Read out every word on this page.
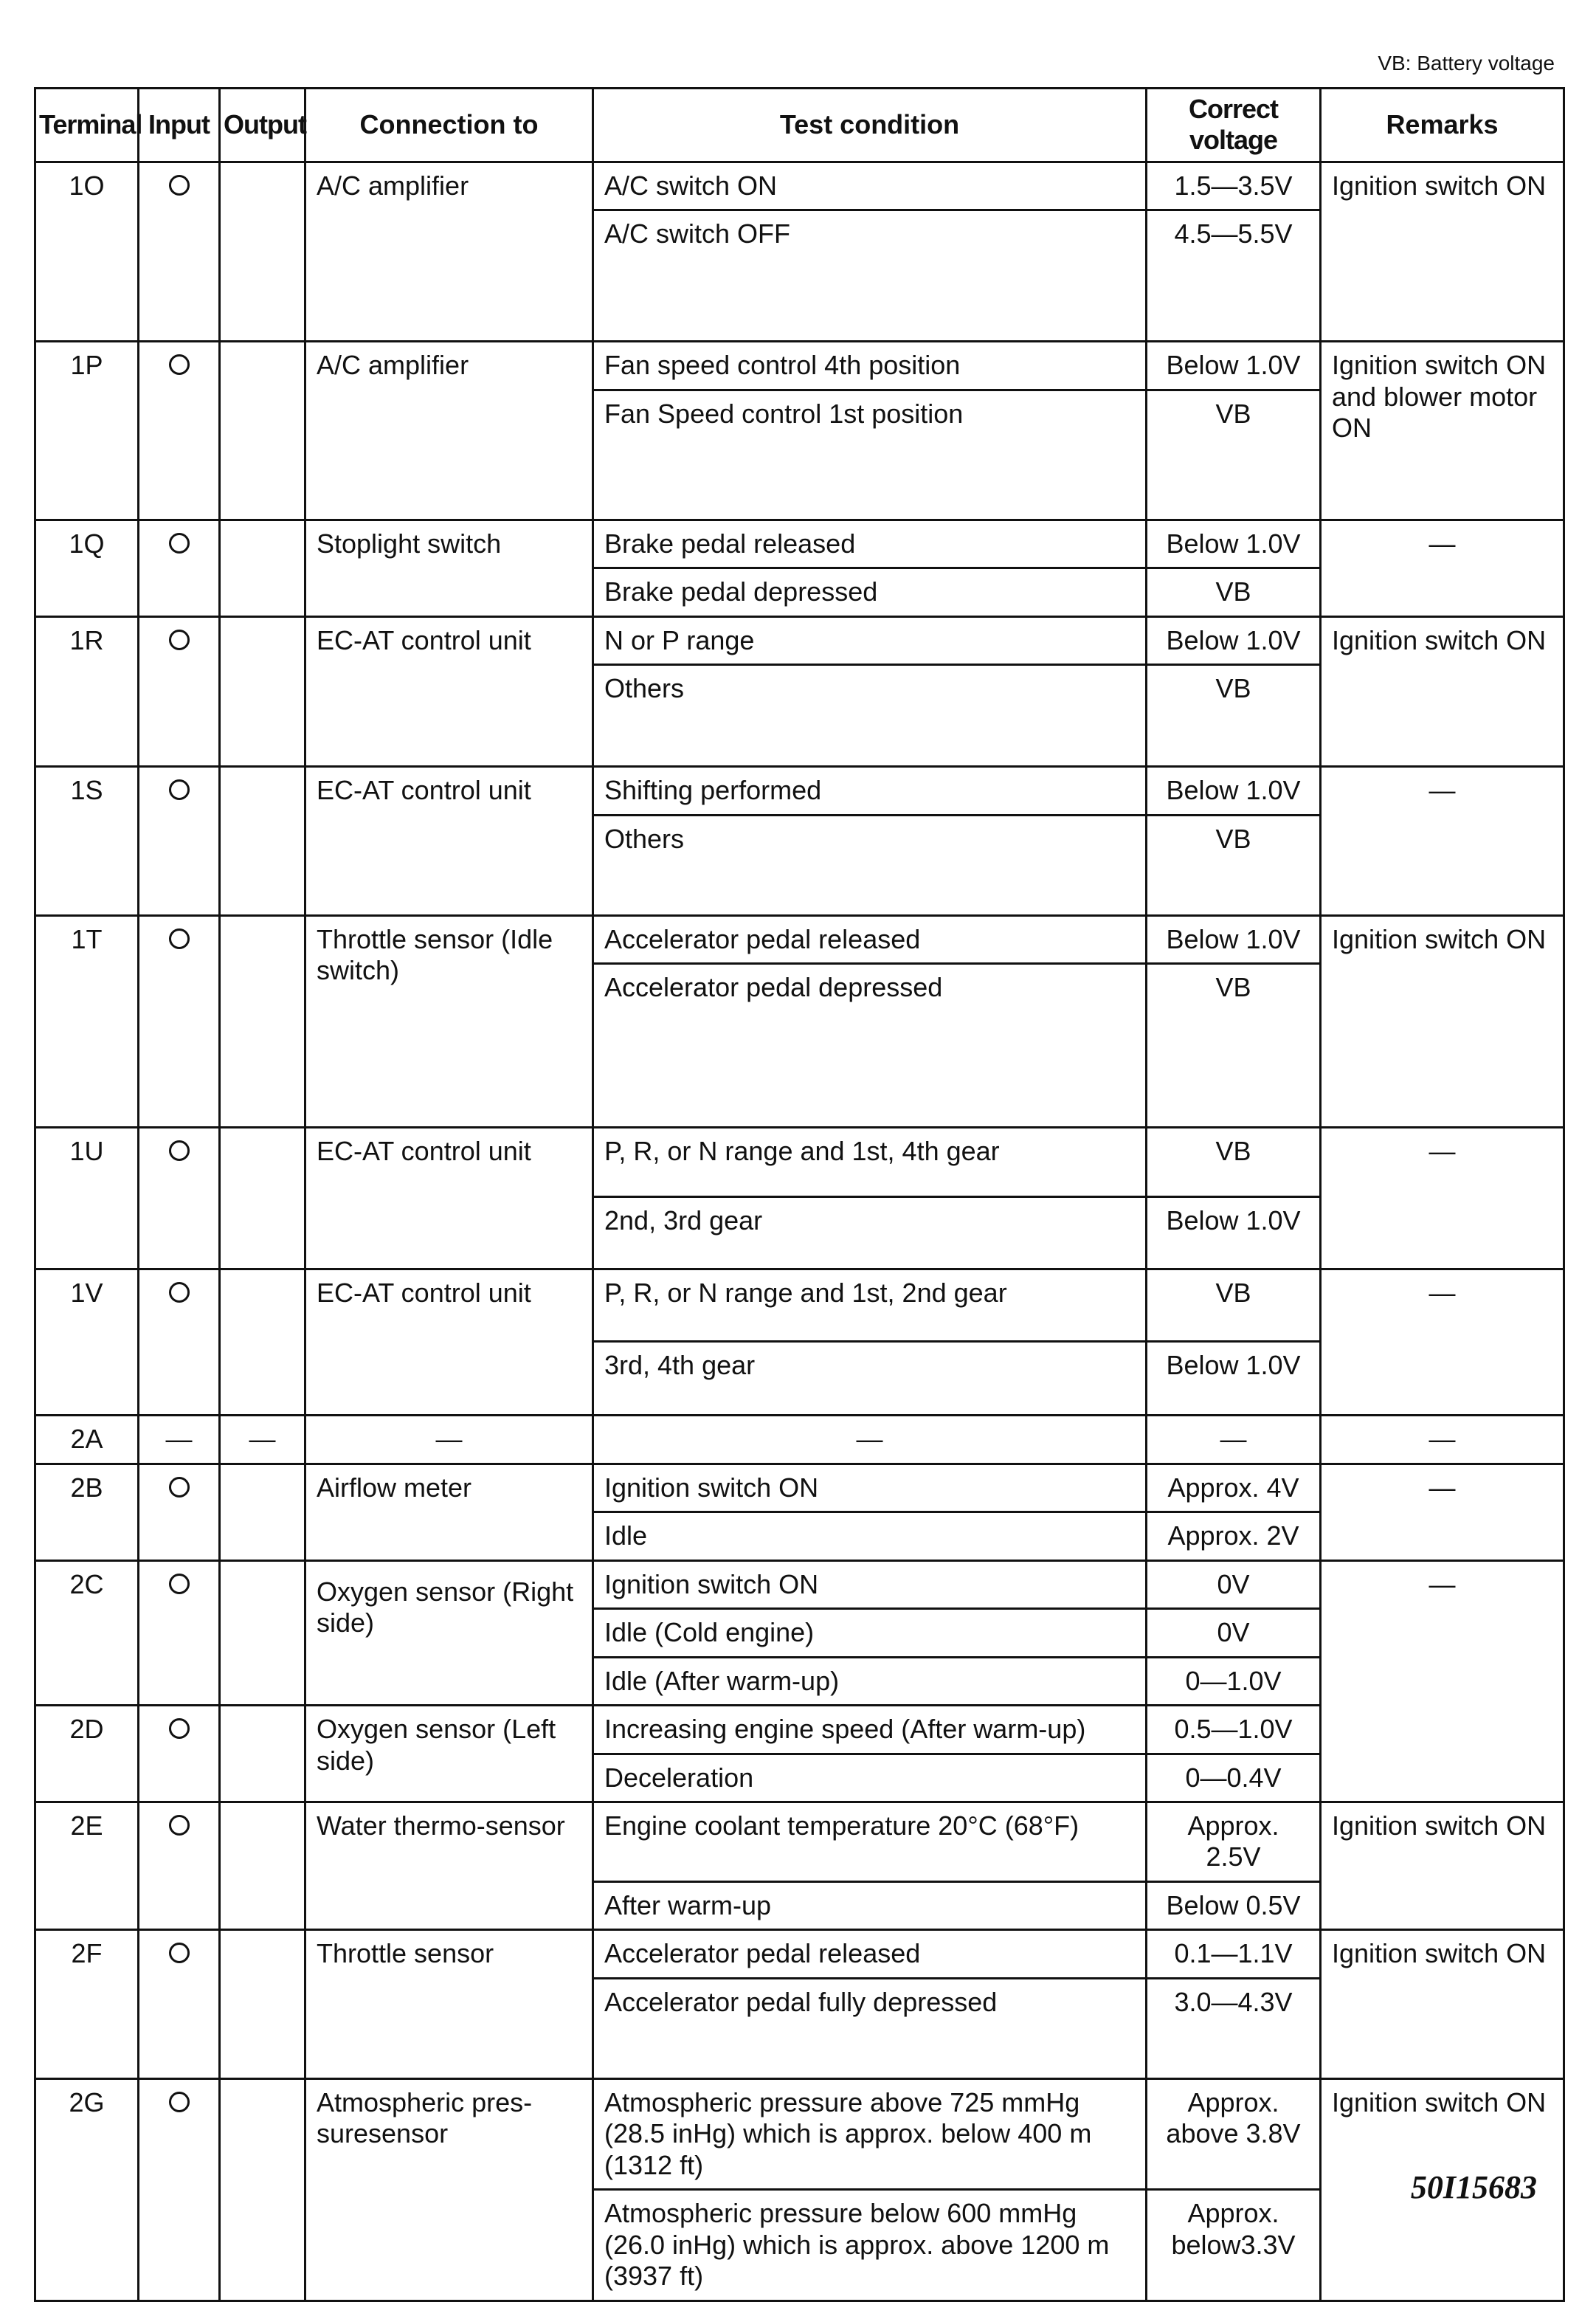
VB: Battery voltage
Terminal	Input	Output	Connection to	Test condition	Correct voltage	Remarks
1O			A/C amplifier	A/C switch ON	1.5—3.5V	Ignition switch ON
				A/C switch OFF	4.5—5.5V	
1P			A/C amplifier	Fan speed control 4th position	Below 1.0V	Ignition switch ON and blower motor ON
				Fan Speed control 1st position	VB	
1Q			Stoplight switch	Brake pedal released	Below 1.0V	—
				Brake pedal depressed	VB	
1R			EC-AT control unit	N or P range	Below 1.0V	Ignition switch ON
				Others	VB	
1S			EC-AT control unit	Shifting performed	Below 1.0V	—
				Others	VB	
1T			Throttle sensor (Idle switch)	Accelerator pedal released	Below 1.0V	Ignition switch ON
				Accelerator pedal depressed	VB	
1U			EC-AT control unit	P, R, or N range and 1st, 4th gear	VB	—
				2nd, 3rd gear	Below 1.0V	
1V			EC-AT control unit	P, R, or N range and 1st, 2nd gear	VB	—
				3rd, 4th gear	Below 1.0V	
2A	—	—	—	—	—	—
2B			Airflow meter	Ignition switch ON	Approx. 4V	—
				Idle	Approx. 2V	
2C			Oxygen sensor (Right side)	Ignition switch ON	0V	—
				Idle (Cold engine)	0V	
				Idle (After warm-up)	0—1.0V	
2D			Oxygen sensor (Left side)	Increasing engine speed (After warm-up)	0.5—1.0V	
				Deceleration	0—0.4V	
2E			Water thermo-sensor	Engine coolant temperature 20°C (68°F)	Approx. 2.5V	Ignition switch ON
				After warm-up	Below 0.5V	
2F			Throttle sensor	Accelerator pedal released	0.1—1.1V	Ignition switch ON
				Accelerator pedal fully depressed	3.0—4.3V	
2G			Atmospheric pres-suresensor	Atmospheric pressure above 725 mmHg (28.5 inHg) which is approx. below 400 m (1312 ft)	Approx. above 3.8V	Ignition switch ON
				Atmospheric pressure below 600 mmHg (26.0 inHg) which is approx. above 1200 m (3937 ft)	Approx. below3.3V	
50I15683
